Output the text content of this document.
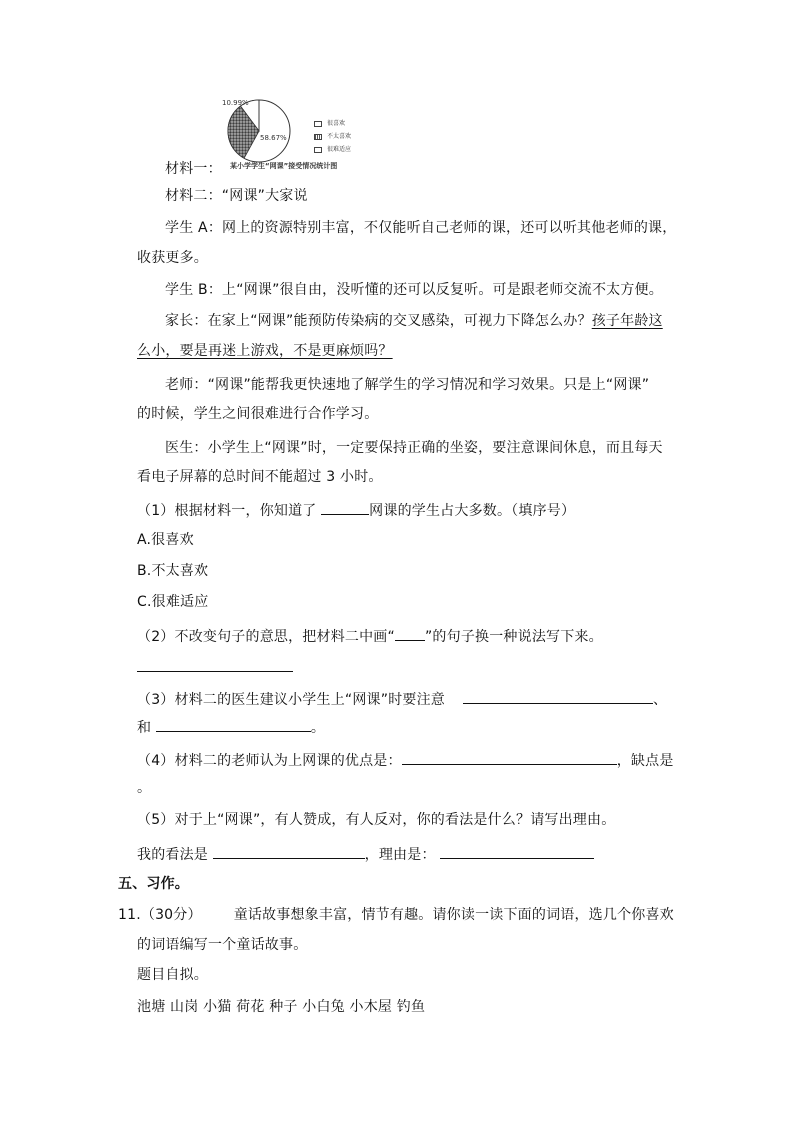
10.99%
58.67%
很喜欢
不太喜欢
很难适应
某小学学生“网课”接受情况统计图
材料一：
材料二：“网课”大家说
学生 A：网上的资源特别丰富，不仅能听自己老师的课，还可以听其他老师的课，
收获更多。
学生 B：上“网课”很自由，没听懂的还可以反复听。可是跟老师交流不太方便。
家长：在家上“网课”能预防传染病的交叉感染，可视力下降怎么办？孩子年龄这
么小，要是再迷上游戏，不是更麻烦吗？
老师：“网课”能帮我更快速地了解学生的学习情况和学习效果。只是上“网课”
的时候，学生之间很难进行合作学习。
医生：小学生上“网课”时，一定要保持正确的坐姿，要注意课间休息，而且每天
看电子屏幕的总时间不能超过 3 小时。
（1）根据材料一，你知道了	网课的学生占大多数。（填序号）
A.很喜欢
B.不太喜欢
C.很难适应
（2）不改变句子的意思，把材料二中画“ ”的句子换一种说法写下来。
（3）材料二的医生建议小学生上“网课”时要注意	、
和	。
（4）材料二的老师认为上网课的优点是：	，缺点是
。
（5）对于上“网课”，有人赞成，有人反对，你的看法是什么？请写出理由。
我的看法是	，理由是：
五、习作。
11.（30分） 童话故事想象丰富，情节有趣。请你读一读下面的词语，选几个你喜欢
的词语编写一个童话故事。
题目自拟。
池塘 山岗 小猫 荷花 种子 小白兔 小木屋 钓鱼
